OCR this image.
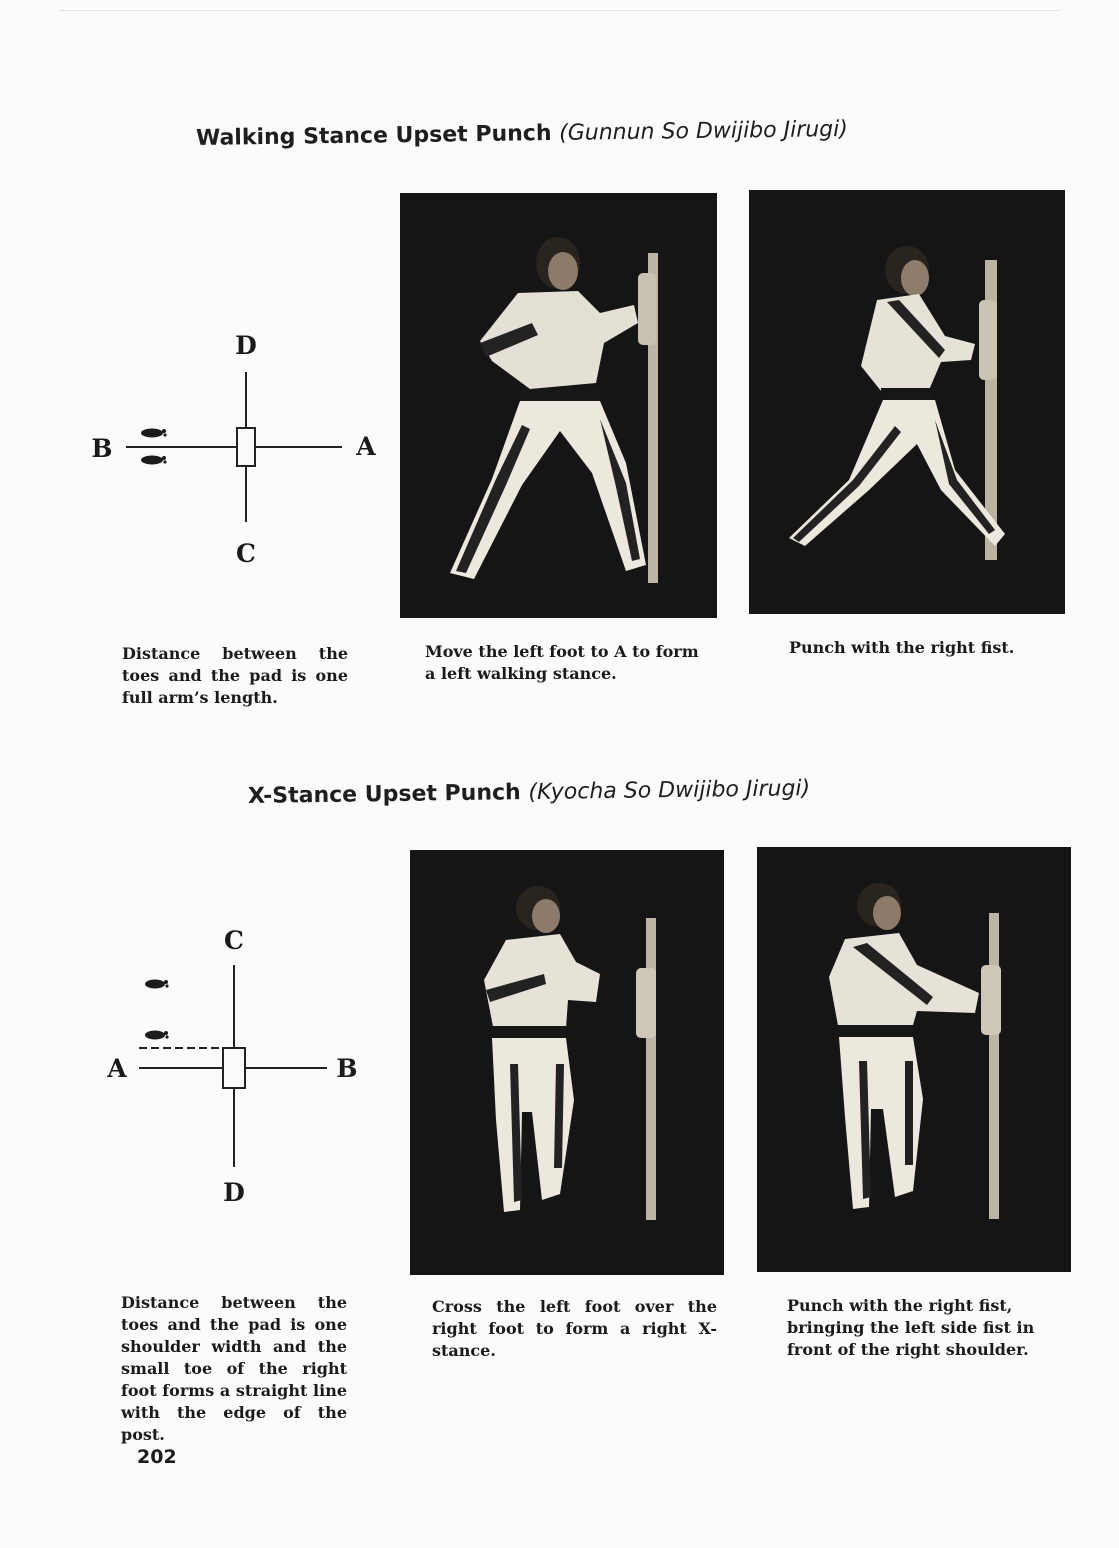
Walking Stance Upset Punch (Gunnun So Dwijibo Jirugi)
D
C
B	A

Distance between the toes and the pad is one full arm’s length.

Move the left foot to A to form a left walking stance.

Punch with the right fist.

X-Stance Upset Punch (Kyocha So Dwijibo Jirugi)
C
D
A	B

Distance between the toes and the pad is one shoulder width and the small toe of the right foot forms a straight line with the edge of the post.

Cross the left foot over the right foot to form a right X-stance.

Punch with the right fist, bringing the left side fist in front of the right shoulder.

202
